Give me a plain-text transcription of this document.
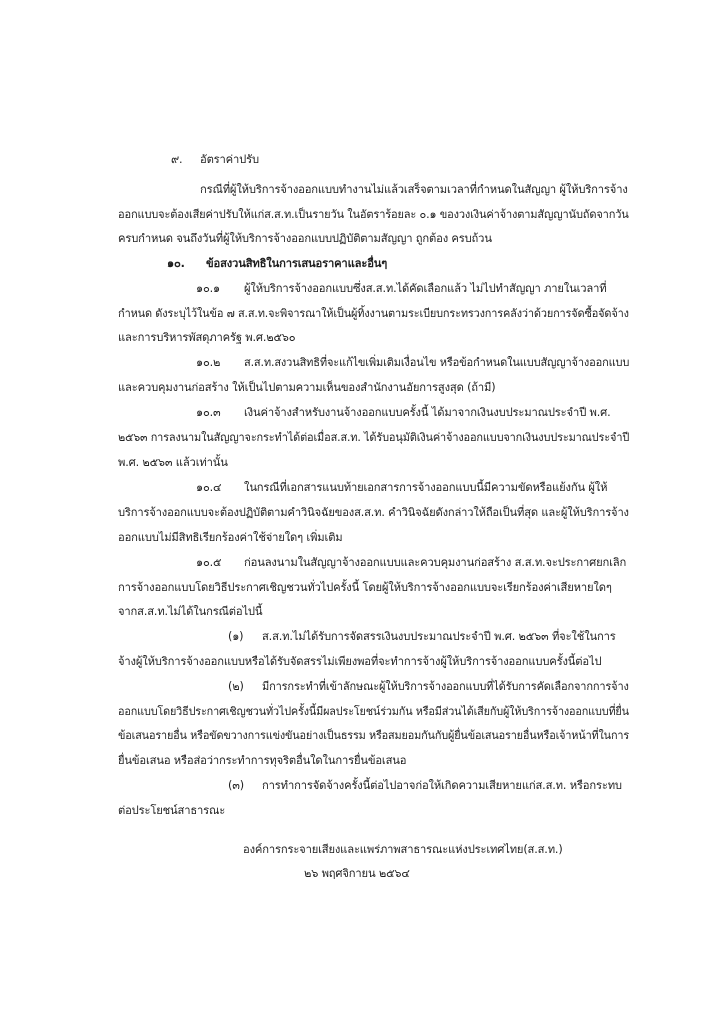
๙. อัตราค่าปรับ
กรณีที่ผู้ให้บริการจ้างออกแบบทำงานไม่แล้วเสร็จตามเวลาที่กำหนดในสัญญา ผู้ให้บริการจ้าง
ออกแบบจะต้องเสียค่าปรับให้แก่ส.ส.ท.เป็นรายวัน ในอัตราร้อยละ ๐.๑ ของวงเงินค่าจ้างตามสัญญานับถัดจากวัน
ครบกำหนด จนถึงวันที่ผู้ให้บริการจ้างออกแบบปฏิบัติตามสัญญา ถูกต้อง ครบถ้วน
๑๐. ข้อสงวนสิทธิในการเสนอราคาและอื่นๆ
๑๐.๑ ผู้ให้บริการจ้างออกแบบซึ่งส.ส.ท.ได้คัดเลือกแล้ว ไม่ไปทำสัญญา ภายในเวลาที่
กำหนด ดังระบุไว้ในข้อ ๗ ส.ส.ท.จะพิจารณาให้เป็นผู้ทิ้งงานตามระเบียบกระทรวงการคลังว่าด้วยการจัดซื้อจัดจ้าง
และการบริหารพัสดุภาครัฐ พ.ศ.๒๕๖๐
๑๐.๒ ส.ส.ท.สงวนสิทธิที่จะแก้ไขเพิ่มเติมเงื่อนไข หรือข้อกำหนดในแบบสัญญาจ้างออกแบบ
และควบคุมงานก่อสร้าง ให้เป็นไปตามความเห็นของสำนักงานอัยการสูงสุด (ถ้ามี)
๑๐.๓ เงินค่าจ้างสำหรับงานจ้างออกแบบครั้งนี้ ได้มาจากเงินงบประมาณประจำปี พ.ศ.
๒๕๖๓ การลงนามในสัญญาจะกระทำได้ต่อเมื่อส.ส.ท. ได้รับอนุมัติเงินค่าจ้างออกแบบจากเงินงบประมาณประจำปี
พ.ศ. ๒๕๖๓ แล้วเท่านั้น
๑๐.๔ ในกรณีที่เอกสารแนบท้ายเอกสารการจ้างออกแบบนี้มีความขัดหรือแย้งกัน ผู้ให้
บริการจ้างออกแบบจะต้องปฏิบัติตามคำวินิจฉัยของส.ส.ท. คำวินิจฉัยดังกล่าวให้ถือเป็นที่สุด และผู้ให้บริการจ้าง
ออกแบบไม่มีสิทธิเรียกร้องค่าใช้จ่ายใดๆ เพิ่มเติม
๑๐.๕ ก่อนลงนามในสัญญาจ้างออกแบบและควบคุมงานก่อสร้าง ส.ส.ท.จะประกาศยกเลิก
การจ้างออกแบบโดยวิธีประกาศเชิญชวนทั่วไปครั้งนี้ โดยผู้ให้บริการจ้างออกแบบจะเรียกร้องค่าเสียหายใดๆ
จากส.ส.ท.ไม่ได้ในกรณีต่อไปนี้
(๑) ส.ส.ท.ไม่ได้รับการจัดสรรเงินงบประมาณประจำปี พ.ศ. ๒๕๖๓ ที่จะใช้ในการ
จ้างผู้ให้บริการจ้างออกแบบหรือได้รับจัดสรรไม่เพียงพอที่จะทำการจ้างผู้ให้บริการจ้างออกแบบครั้งนี้ต่อไป
(๒) มีการกระทำที่เข้าลักษณะผู้ให้บริการจ้างออกแบบที่ได้รับการคัดเลือกจากการจ้าง
ออกแบบโดยวิธีประกาศเชิญชวนทั่วไปครั้งนี้มีผลประโยชน์ร่วมกัน หรือมีส่วนได้เสียกับผู้ให้บริการจ้างออกแบบที่ยื่น
ข้อเสนอรายอื่น หรือขัดขวางการแข่งขันอย่างเป็นธรรม หรือสมยอมกันกับผู้ยื่นข้อเสนอรายอื่นหรือเจ้าหน้าที่ในการ
ยื่นข้อเสนอ หรือส่อว่ากระทำการทุจริตอื่นใดในการยื่นข้อเสนอ
(๓) การทำการจัดจ้างครั้งนี้ต่อไปอาจก่อให้เกิดความเสียหายแก่ส.ส.ท. หรือกระทบ
ต่อประโยชน์สาธารณะ
องค์การกระจายเสียงและแพร่ภาพสาธารณะแห่งประเทศไทย(ส.ส.ท.)
๒๖ พฤศจิกายน ๒๕๖๔
